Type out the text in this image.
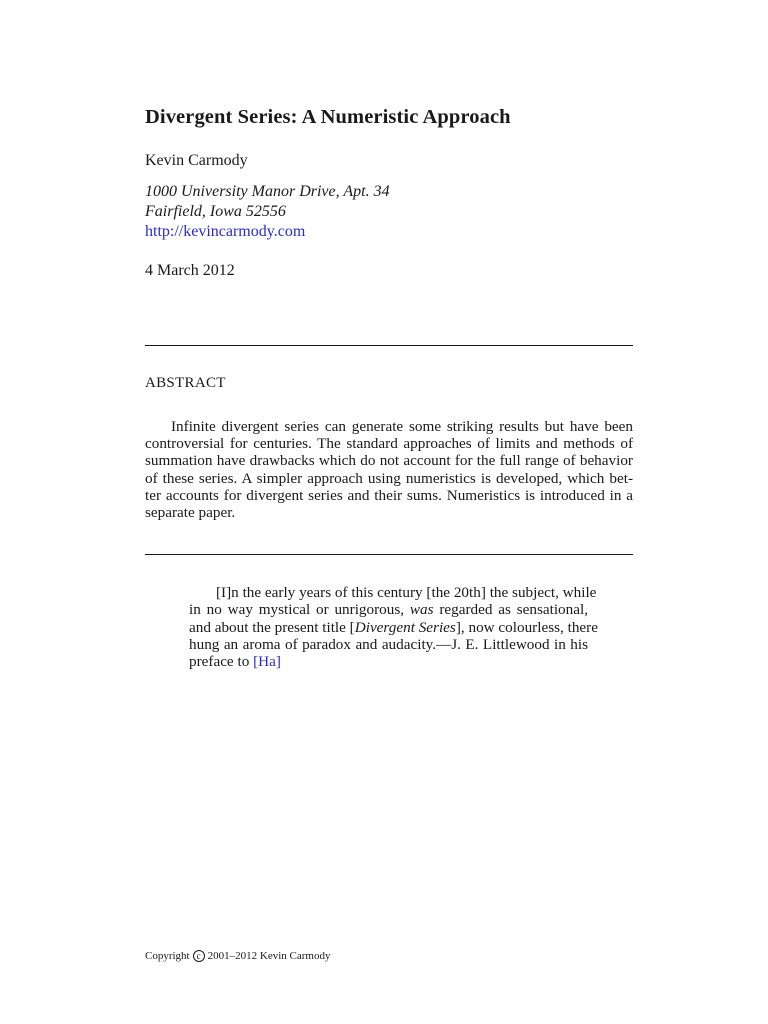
Divergent Series: A Numeristic Approach
Kevin Carmody
1000 University Manor Drive, Apt. 34
Fairfield, Iowa 52556
http://kevincarmody.com
4 March 2012
ABSTRACT

Infinite divergent series can generate some striking results but have been
controversial for centuries. The standard approaches of limits and methods of
summation have drawbacks which do not account for the full range of behavior
of these series. A simpler approach using numeristics is developed, which bet-
ter accounts for divergent series and their sums. Numeristics is introduced in a
separate paper.

[I]n the early years of this century [the 20th] the subject, while
in no way mystical or unrigorous, was regarded as sensational,
and about the present title [Divergent Series], now colourless, there
hung an aroma of paradox and audacity.—J. E. Littlewood in his
preface to [Ha]

Copyright c 2001–2012 Kevin Carmody
